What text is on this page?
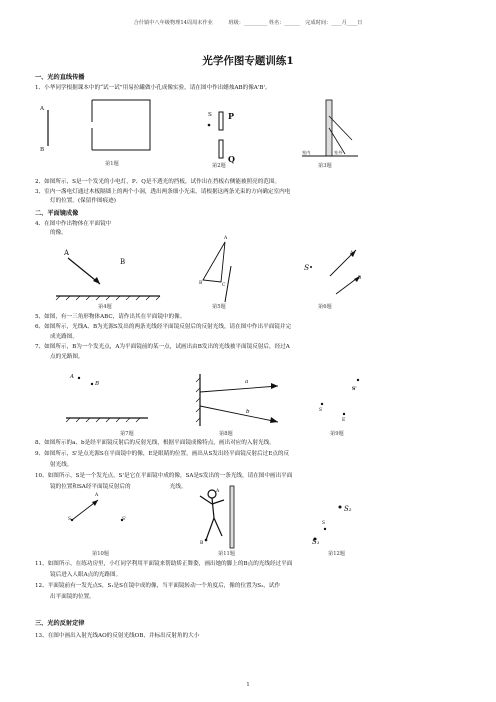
合什镇中八年级物理14周周末作业　　　班级：_________ 姓名：______　完成时间：____月____日
光学作图专题训练1
一、光的直线传播
1、小华同学根据课本中的“试一试”用易拉罐做小孔成像实验，请在图中作出蜡烛AB的像A'B'。
A
B
第1题
S P
Q
第2题
室内	室外
第3题
2、如图所示，S是一个发光的小电灯，P、Q是不透光的挡板，试作出在挡板右侧能被照亮的范围。
3、室内一盏电灯通过木板隔墙上的两个小洞，透出两条细小光束，请根据这两条光束的方向确定室内电
灯的位置。(保留作图痕迹)
二、平面镜成像
4、在图中作出物体在平面镜中
的像。
A
B
第4题
A
B	C
第5题
S
A
B
第6题
5、如图，有一三角形物体ABC，请作出其在平面镜中的像。
6、如图所示，光线A、B为光源S发出的两条光线经平面镜反射后的反射光线，请在图中作出平面镜并完
成光路图。
7、如图所示，B为一个发光点，A为平面镜前的某一点，试画出由B发出的光线被平面镜反射后，经过A
点的光路图。
A
B
第7题
a
b
第8题
S
S'
E
第9题
8、如图所示的a、b是经平面镜反射后的反射光线，根据平面镜成像特点，画出对应的入射光线。
9、如图所示，S'是点光源S在平面镜中的像，E是眼睛的位置，画出从S发出经平面镜反射后过E点的反
射光线。
10、如图所示，S是一个发光点，S'是它在平面镜中成的像，SA是S发出的一条光线，请在图中画出平面
镜的位置和SA经平面镜反射后的　　　　　　　光线。
S	S'
A
第10题
A
B
第11题
S
S₂
S₁
第12题
11、如图所示，在练功房里，小红同学利用平面镜来帮助矫正舞姿，画出她的脚上的B点的光线经过平面
镜后进入人眼A点的光路图。
12、平面镜前有一发光点S，S₁是S在镜中成的像，当平面镜转动一个角度后，像的位置为S₂，试作
出平面镜的位置。
三、光的反射定律
13、在图中画出入射光线AO的反射光线OB，并标出反射角的大小
1
